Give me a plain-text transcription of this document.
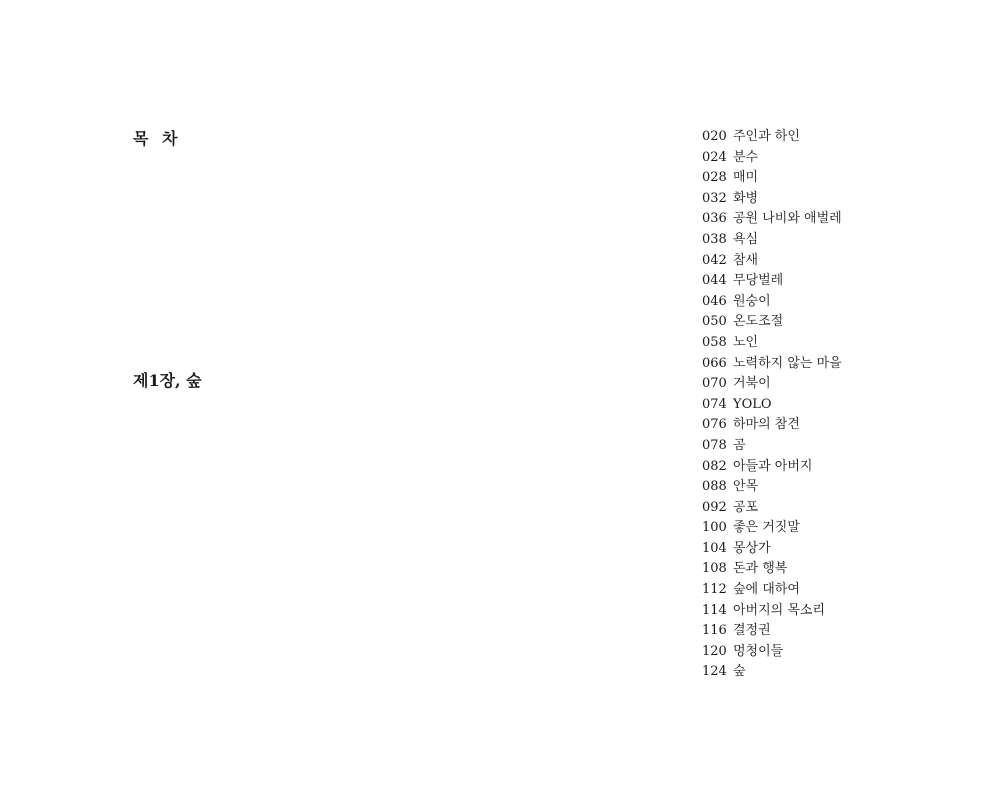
목 차
제1장, 숲
020 주인과 하인
024 분수
028 매미
032 화병
036 공원 나비와 애벌레
038 욕심
042 참새
044 무당벌레
046 원숭이
050 온도조절
058 노인
066 노력하지 않는 마을
070 거북이
074 YOLO
076 하마의 참견
078 곰
082 아들과 아버지
088 안목
092 공포
100 좋은 거짓말
104 몽상가
108 돈과 행복
112 숲에 대하여
114 아버지의 목소리
116 결정권
120 멍청이들
124 숲
